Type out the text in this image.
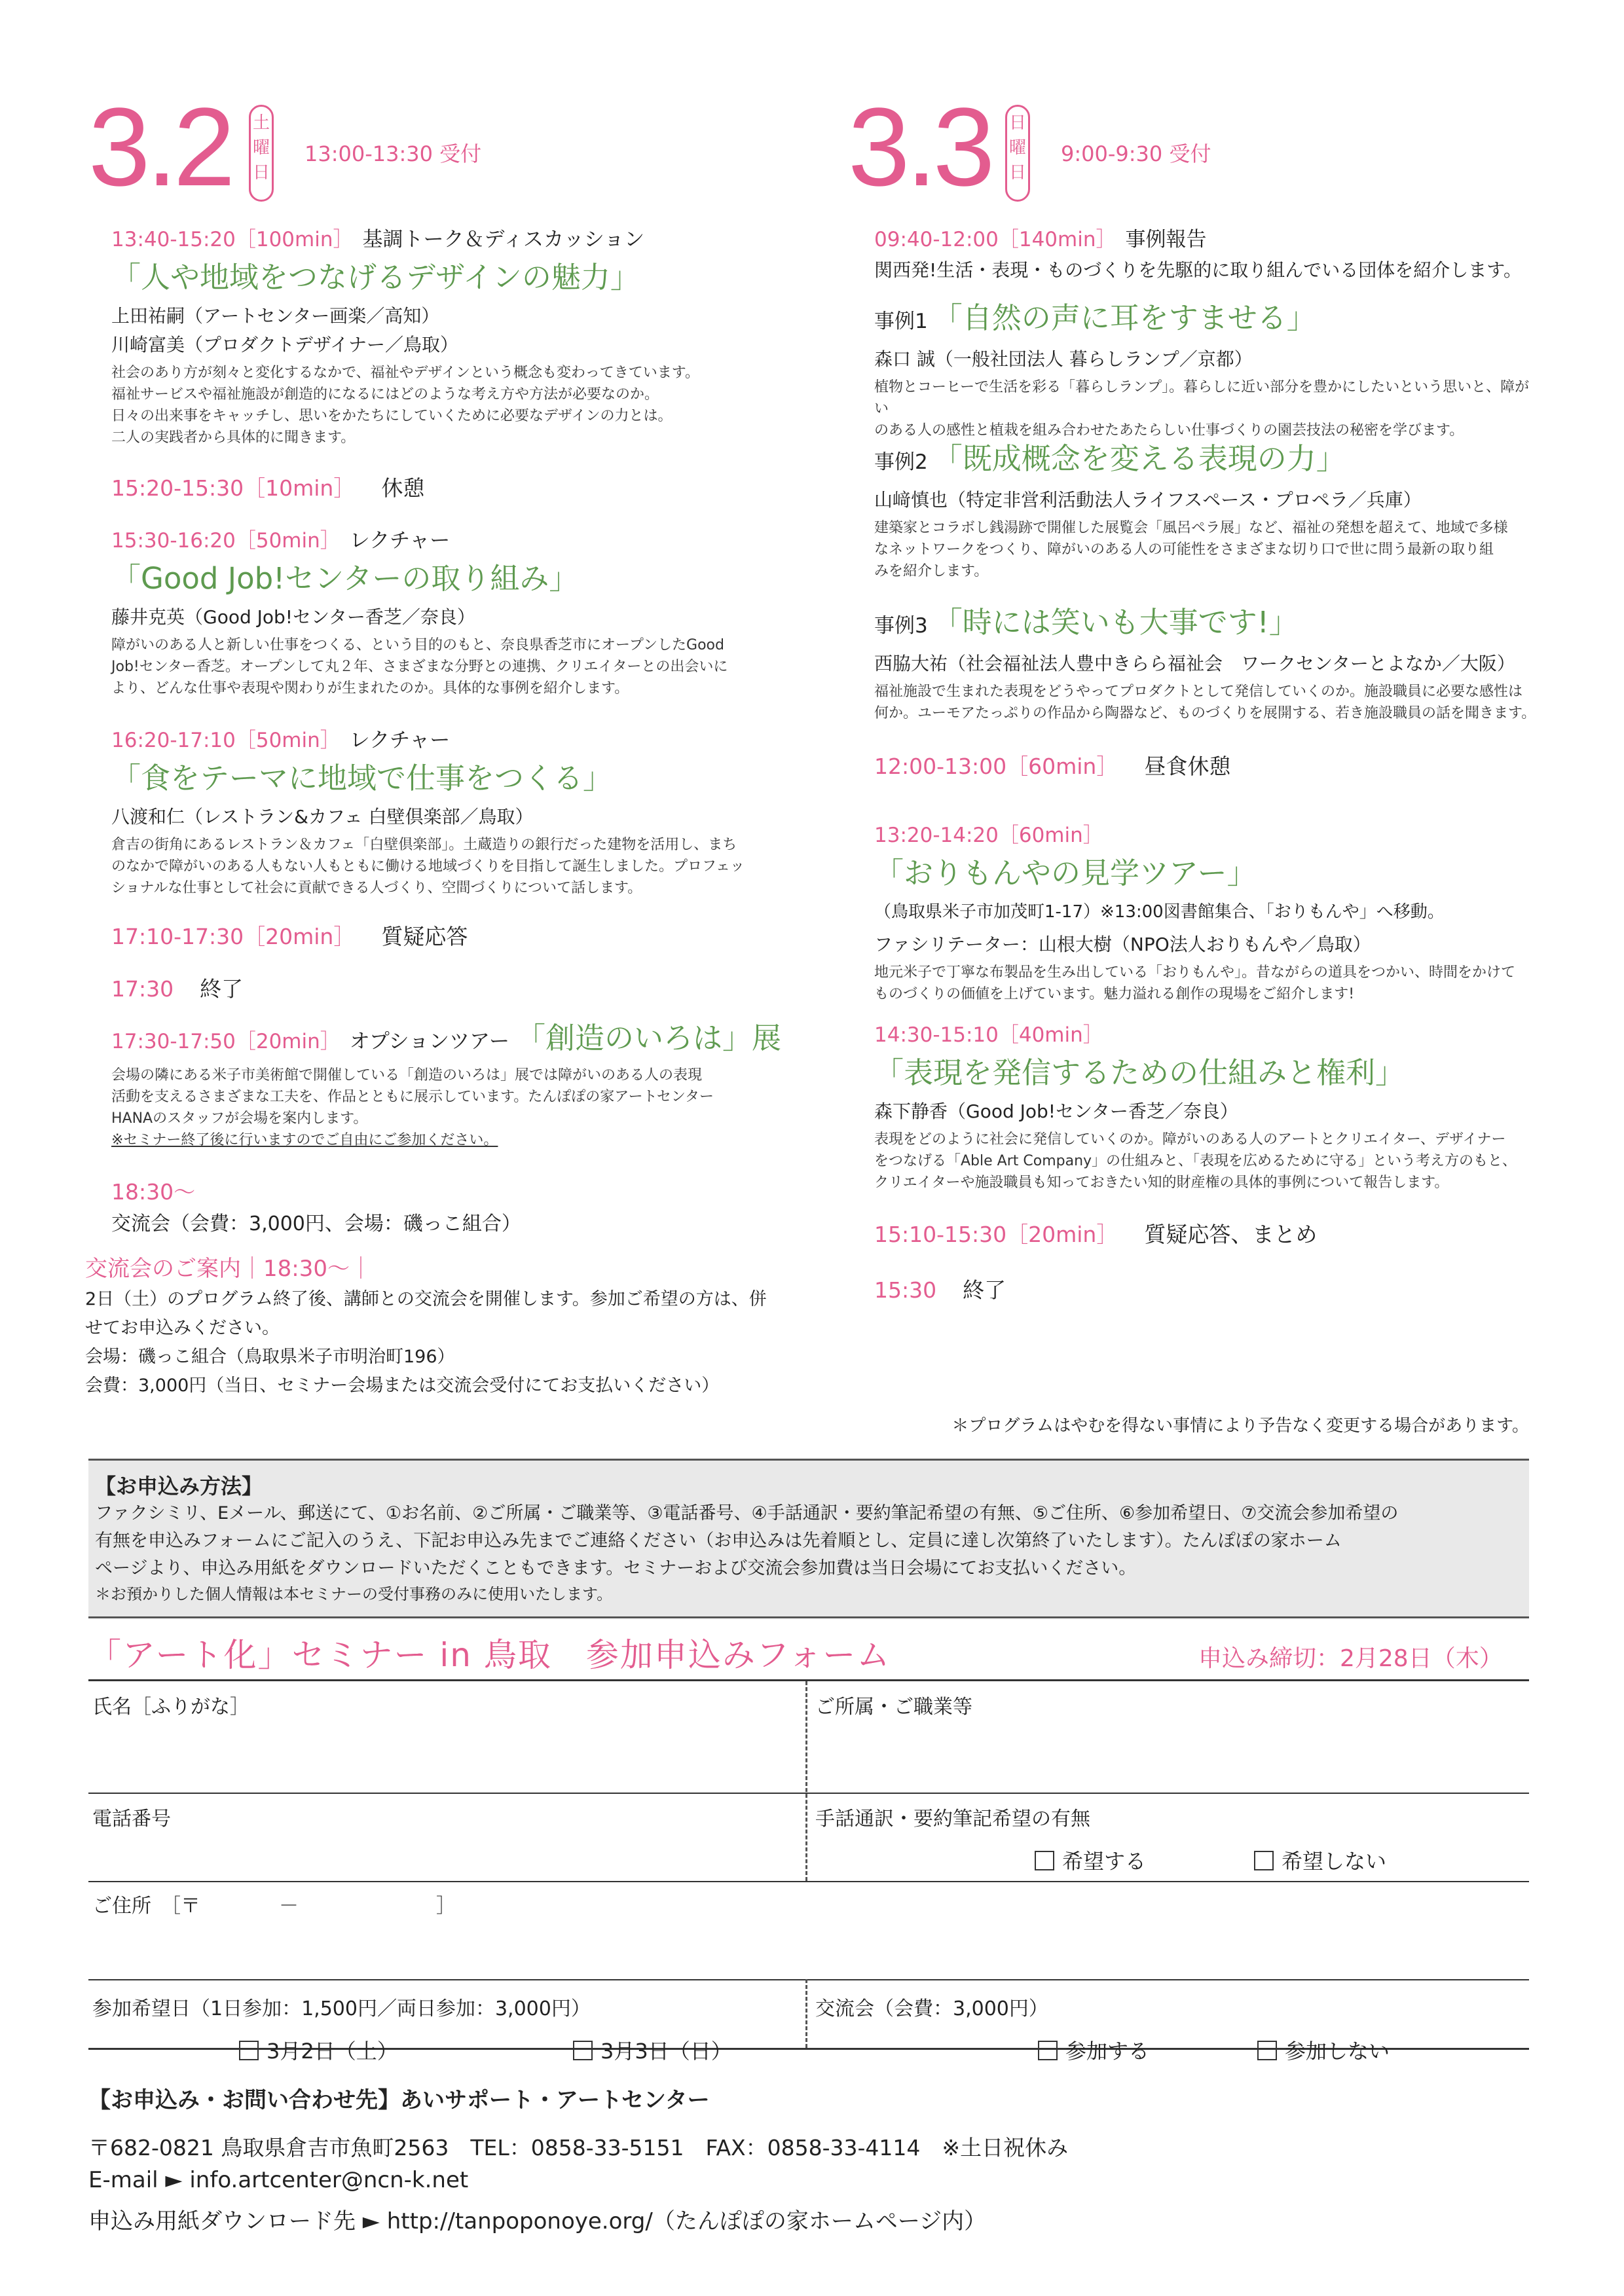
3.2 土
曜
日
13:00-13:30 受付	3.3 日
曜
日
9:00-9:30 受付
13:40-15:20［100min］ 基調トーク＆ディスカッション
「人や地域をつなげるデザインの魅力」
上田祐嗣（アートセンター画楽／高知）
川崎富美（プロダクトデザイナー／鳥取）
社会のあり方が刻々と変化するなかで、福祉やデザインという概念も変わってきています。
福祉サービスや福祉施設が創造的になるにはどのような考え方や方法が必要なのか。
日々の出来事をキャッチし、思いをかたちにしていくために必要なデザインの力とは。
二人の実践者から具体的に聞きます。
15:20-15:30［10min］ 休憩
15:30-16:20［50min］ レクチャー
「Good Job!センターの取り組み」
藤井克英（Good Job!センター香芝／奈良）
障がいのある人と新しい仕事をつくる、という目的のもと、奈良県香芝市にオープンしたGood
Job!センター香芝。オープンして丸２年、さまざまな分野との連携、クリエイターとの出会いに
より、どんな仕事や表現や関わりが生まれたのか。具体的な事例を紹介します。
16:20-17:10［50min］ レクチャー
「食をテーマに地域で仕事をつくる」
八渡和仁（レストラン&カフェ 白壁倶楽部／鳥取）
倉吉の街角にあるレストラン＆カフェ「白壁倶楽部」。土蔵造りの銀行だった建物を活用し、まち
のなかで障がいのある人もない人もともに働ける地域づくりを目指して誕生しました。プロフェッ
ショナルな仕事として社会に貢献できる人づくり、空間づくりについて話します。
17:10-17:30［20min］ 質疑応答
17:30 終了
17:30-17:50［20min］ オプションツアー 「創造のいろは」展
会場の隣にある米子市美術館で開催している「創造のいろは」展では障がいのある人の表現
活動を支えるさまざまな工夫を、作品とともに展示しています。たんぽぽの家アートセンター
HANAのスタッフが会場を案内します。
※セミナー終了後に行いますのでご自由にご参加ください。
18:30〜
交流会（会費：3,000円、会場：磯っこ組合）
交流会のご案内｜18:30〜｜
2日（土）のプログラム終了後、講師との交流会を開催します。参加ご希望の方は、併
せてお申込みください。
会場：磯っこ組合（鳥取県米子市明治町196）
会費：3,000円（当日、セミナー会場または交流会受付にてお支払いください）
09:40-12:00［140min］ 事例報告
関西発!生活・表現・ものづくりを先駆的に取り組んでいる団体を紹介します。
事例1 「自然の声に耳をすませる」
森口 誠（一般社団法人 暮らしランプ／京都）
植物とコーヒーで生活を彩る「暮らしランプ」。暮らしに近い部分を豊かにしたいという思いと、障がい
のある人の感性と植栽を組み合わせたあたらしい仕事づくりの園芸技法の秘密を学びます。
事例2 「既成概念を変える表現の力」
山﨑慎也（特定非営利活動法人ライフスペース・プロペラ／兵庫）
建築家とコラボし銭湯跡で開催した展覧会「風呂ペラ展」など、福祉の発想を超えて、地域で多様
なネットワークをつくり、障がいのある人の可能性をさまざまな切り口で世に問う最新の取り組
みを紹介します。
事例3 「時には笑いも大事です!」
西脇大祐（社会福祉法人豊中きらら福祉会　ワークセンターとよなか／大阪）
福祉施設で生まれた表現をどうやってプロダクトとして発信していくのか。施設職員に必要な感性は
何か。ユーモアたっぷりの作品から陶器など、ものづくりを展開する、若き施設職員の話を聞きます。
12:00-13:00［60min］ 昼食休憩
13:20-14:20［60min］
「おりもんやの見学ツアー」
（鳥取県米子市加茂町1-17）※13:00図書館集合、「おりもんや」へ移動。
ファシリテーター：山根大樹（NPO法人おりもんや／鳥取）
地元米子で丁寧な布製品を生み出している「おりもんや」。昔ながらの道具をつかい、時間をかけて
ものづくりの価値を上げています。魅力溢れる創作の現場をご紹介します!
14:30-15:10［40min］
「表現を発信するための仕組みと権利」
森下静香（Good Job!センター香芝／奈良）
表現をどのように社会に発信していくのか。障がいのある人のアートとクリエイター、デザイナー
をつなげる「Able Art Company」の仕組みと、「表現を広めるために守る」という考え方のもと、
クリエイターや施設職員も知っておきたい知的財産権の具体的事例について報告します。
15:10-15:30［20min］ 質疑応答、まとめ
15:30 終了
＊プログラムはやむを得ない事情により予告なく変更する場合があります。
【お申込み方法】
ファクシミリ、Eメール、郵送にて、①お名前、②ご所属・ご職業等、③電話番号、④手話通訳・要約筆記希望の有無、⑤ご住所、⑥参加希望日、⑦交流会参加希望の
有無を申込みフォームにご記入のうえ、下記お申込み先までご連絡ください（お申込みは先着順とし、定員に達し次第終了いたします）。たんぽぽの家ホーム
ページより、申込み用紙をダウンロードいただくこともできます。セミナーおよび交流会参加費は当日会場にてお支払いください。
＊お預かりした個人情報は本セミナーの受付事務のみに使用いたします。
「アート化」セミナー in 鳥取　参加申込みフォーム	申込み締切：2月28日（木）
氏名［ふりがな］	ご所属・ご職業等
電話番号	手話通訳・要約筆記希望の有無
希望する	希望しない
ご住所　［〒　　　　－　　　　　　　］
参加希望日（1日参加：1,500円／両日参加：3,000円）
3月2日（土）	3月3日（日）
交流会（会費：3,000円）
参加する	参加しない
【お申込み・お問い合わせ先】あいサポート・アートセンター
〒682-0821 鳥取県倉吉市魚町2563　TEL：0858-33-5151　FAX：0858-33-4114　※土日祝休み
E-mail ► info.artcenter@ncn-k.net
申込み用紙ダウンロード先 ► http://tanpoponoye.org/（たんぽぽの家ホームページ内）
